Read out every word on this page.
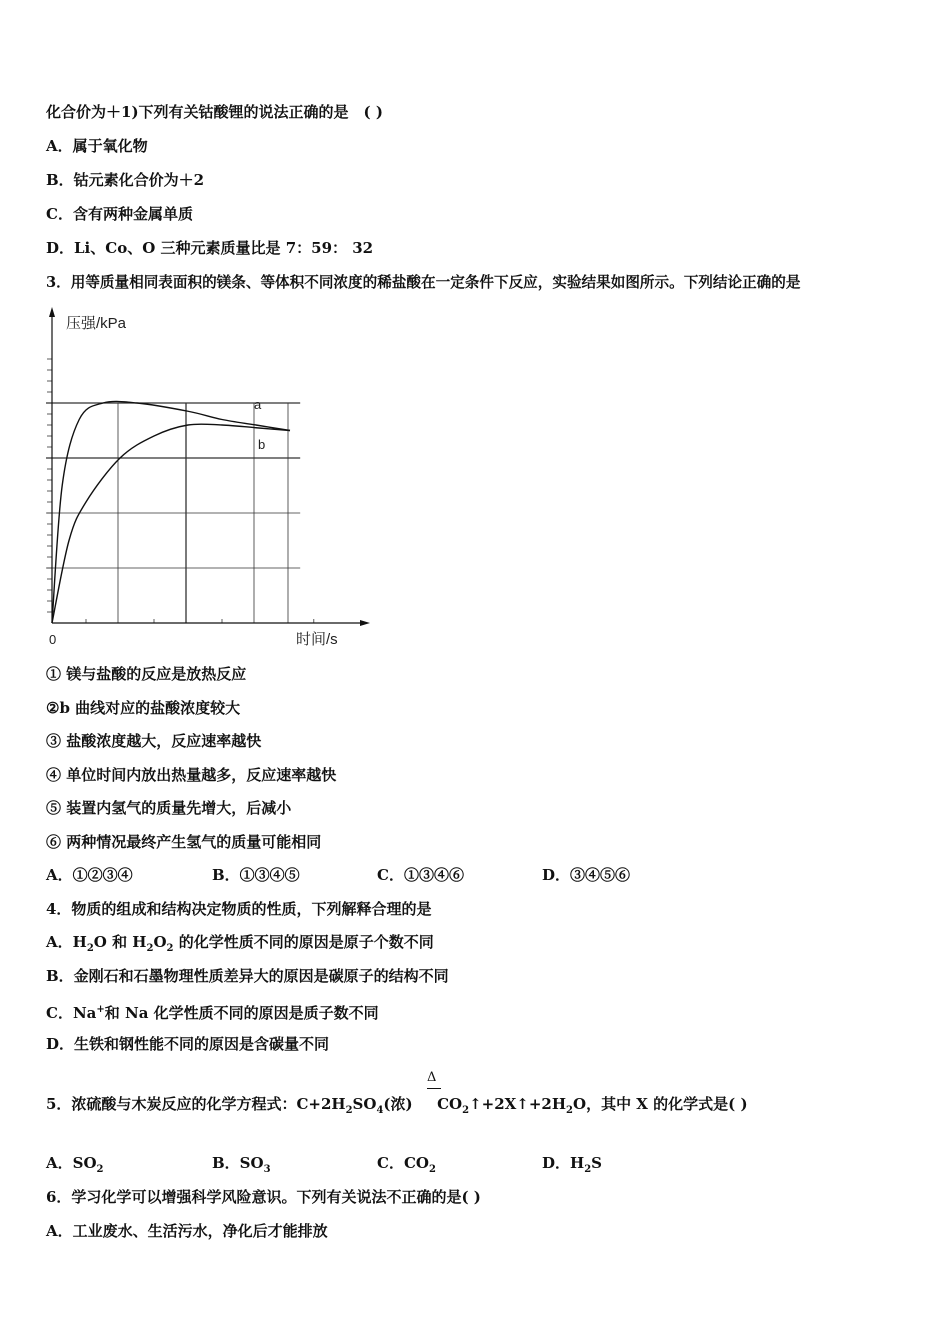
化合价为＋1)下列有关钴酸锂的说法正确的是　( )
A．属于氧化物
B．钴元素化合价为＋2
C．含有两种金属单质
D．Li、Co、O 三种元素质量比是 7：59： 32
3．用等质量相同表面积的镁条、等体积不同浓度的稀盐酸在一定条件下反应，实验结果如图所示。下列结论正确的是
压强/kPa
时间/s
0
a
b
① 镁与盐酸的反应是放热反应
②b 曲线对应的盐酸浓度较大
③ 盐酸浓度越大，反应速率越快
④ 单位时间内放出热量越多，反应速率越快
⑤ 装置内氢气的质量先增大，后减小
⑥ 两种情况最终产生氢气的质量可能相同
A．①②③④	B．①③④⑤	C．①③④⑥	D．③④⑤⑥
4．物质的组成和结构决定物质的性质，下列解释合理的是
A．$H_2O$ 和 $H_2O_2$ 的化学性质不同的原因是原子个数不同
B．金刚石和石墨物理性质差异大的原因是碳原子的结构不同
C．Na+和 Na 化学性质不同的原因是质子数不同
D．生铁和钢性能不同的原因是含碳量不同
Δ
5．浓硫酸与木炭反应的化学方程式：$C+2H_2SO_4$(浓) $CO_2↑+2X↑+2H_2O$，其中 X 的化学式是( )
A．$SO_2$	B．$SO_3$	C．$CO_2$	D．$H_2S$
6．学习化学可以增强科学风险意识。下列有关说法不正确的是( )
A．工业废水、生活污水，净化后才能排放
